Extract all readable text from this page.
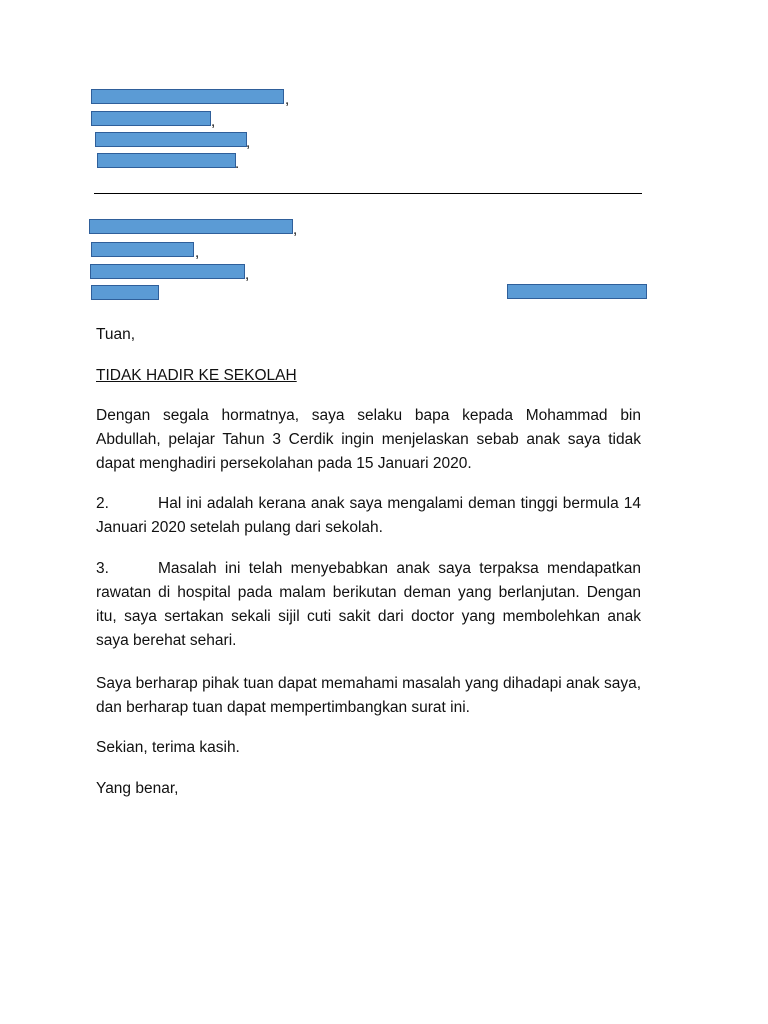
,
,
,
.
,
,
,
Tuan,
TIDAK HADIR KE SEKOLAH
Dengan segala hormatnya, saya selaku bapa kepada Mohammad bin Abdullah, pelajar Tahun 3 Cerdik ingin menjelaskan sebab anak saya tidak dapat menghadiri persekolahan pada 15 Januari 2020.
2.	Hal ini adalah kerana anak saya mengalami deman tinggi bermula 14 Januari 2020 setelah pulang dari sekolah.
3.	Masalah ini telah menyebabkan anak saya terpaksa mendapatkan rawatan di hospital pada malam berikutan deman yang berlanjutan. Dengan itu, saya sertakan sekali sijil cuti sakit dari doctor yang membolehkan anak saya berehat sehari.
Saya berharap pihak tuan dapat memahami masalah yang dihadapi anak saya, dan berharap tuan dapat mempertimbangkan surat ini.
Sekian, terima kasih.
Yang benar,
